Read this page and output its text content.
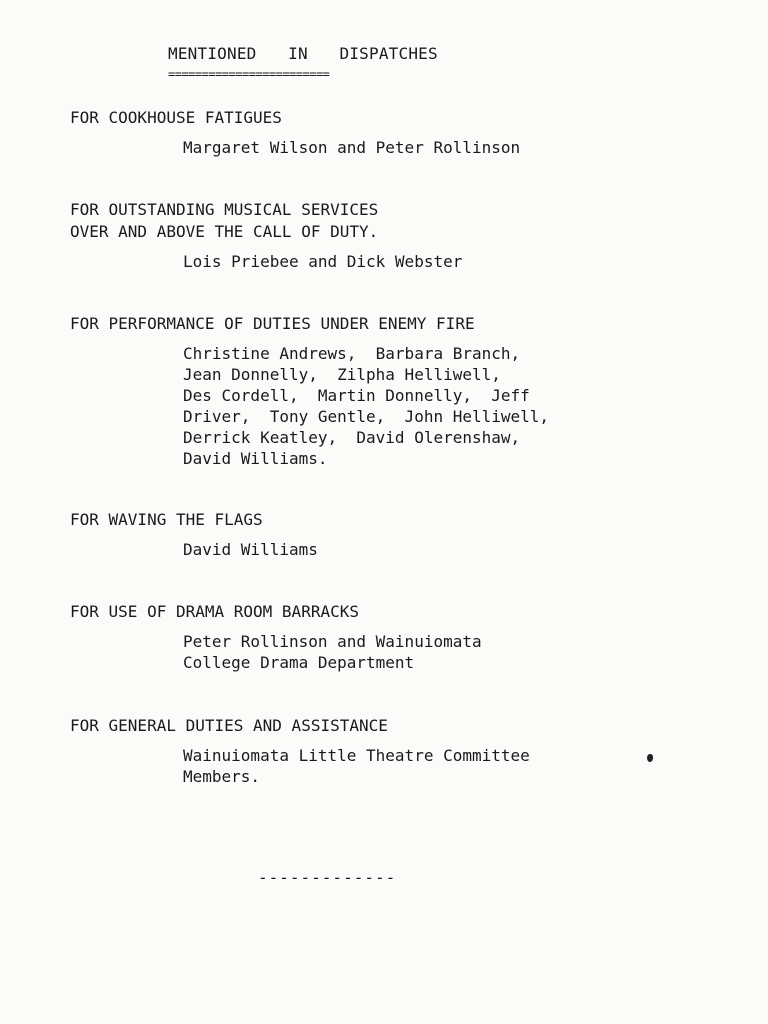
MENTIONED  IN  DISPATCHES
========================
FOR COOKHOUSE FATIGUES

Margaret Wilson and Peter Rollinson

FOR OUTSTANDING MUSICAL SERVICES
OVER AND ABOVE THE CALL OF DUTY.

Lois Priebee and Dick Webster

FOR PERFORMANCE OF DUTIES UNDER ENEMY FIRE

Christine Andrews,  Barbara Branch,
Jean Donnelly,  Zilpha Helliwell,
Des Cordell,  Martin Donnelly,  Jeff
Driver,  Tony Gentle,  John Helliwell,
Derrick Keatley,  David Olerenshaw,
David Williams.

FOR WAVING THE FLAGS

David Williams

FOR USE OF DRAMA ROOM BARRACKS

Peter Rollinson and Wainuiomata
College Drama Department

FOR GENERAL DUTIES AND ASSISTANCE

Wainuiomata Little Theatre Committee
Members.

-------------
